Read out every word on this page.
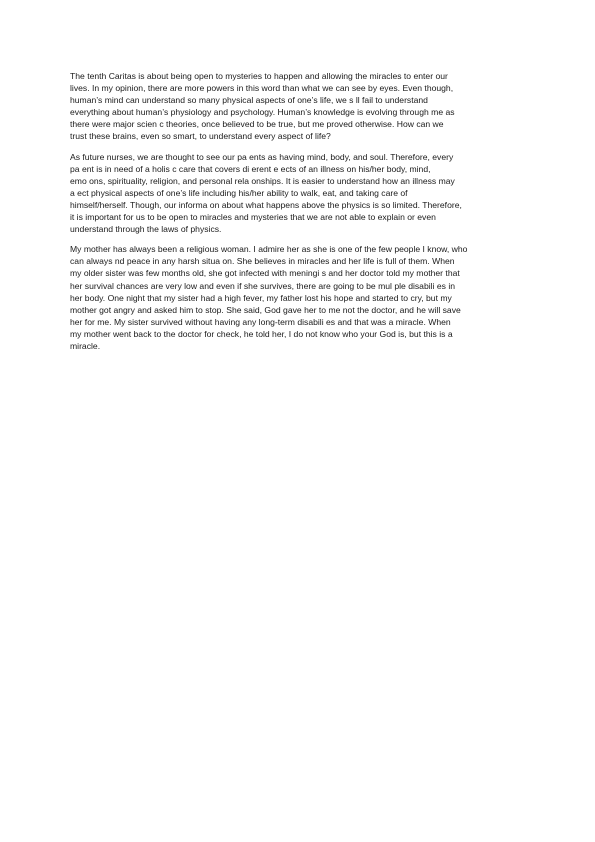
The tenth Caritas is about being open to mysteries to happen and allowing the miracles to enter our
lives. In my opinion, there are more powers in this word than what we can see by eyes. Even though,
human’s mind can understand so many physical aspects of one’s life, we s ll fail to understand
everything about human’s physiology and psychology. Human’s knowledge is evolving through me as
there were major scien c theories, once believed to be true, but me proved otherwise. How can we
trust these brains, even so smart, to understand every aspect of life?

As future nurses, we are thought to see our pa ents as having mind, body, and soul. Therefore, every
pa ent is in need of a holis c care that covers di erent e ects of an illness on his/her body, mind,
emo ons, spirituality, religion, and personal rela onships. It is easier to understand how an illness may
a ect physical aspects of one’s life including his/her ability to walk, eat, and taking care of
himself/herself. Though, our informa on about what happens above the physics is so limited. Therefore,
it is important for us to be open to miracles and mysteries that we are not able to explain or even
understand through the laws of physics.

My mother has always been a religious woman. I admire her as she is one of the few people I know, who
can always nd peace in any harsh situa on. She believes in miracles and her life is full of them. When
my older sister was few months old, she got infected with meningi s and her doctor told my mother that
her survival chances are very low and even if she survives, there are going to be mul ple disabili es in
her body. One night that my sister had a high fever, my father lost his hope and started to cry, but my
mother got angry and asked him to stop. She said, God gave her to me not the doctor, and he will save
her for me. My sister survived without having any long-term disabili es and that was a miracle. When
my mother went back to the doctor for check, he told her, I do not know who your God is, but this is a
miracle.
